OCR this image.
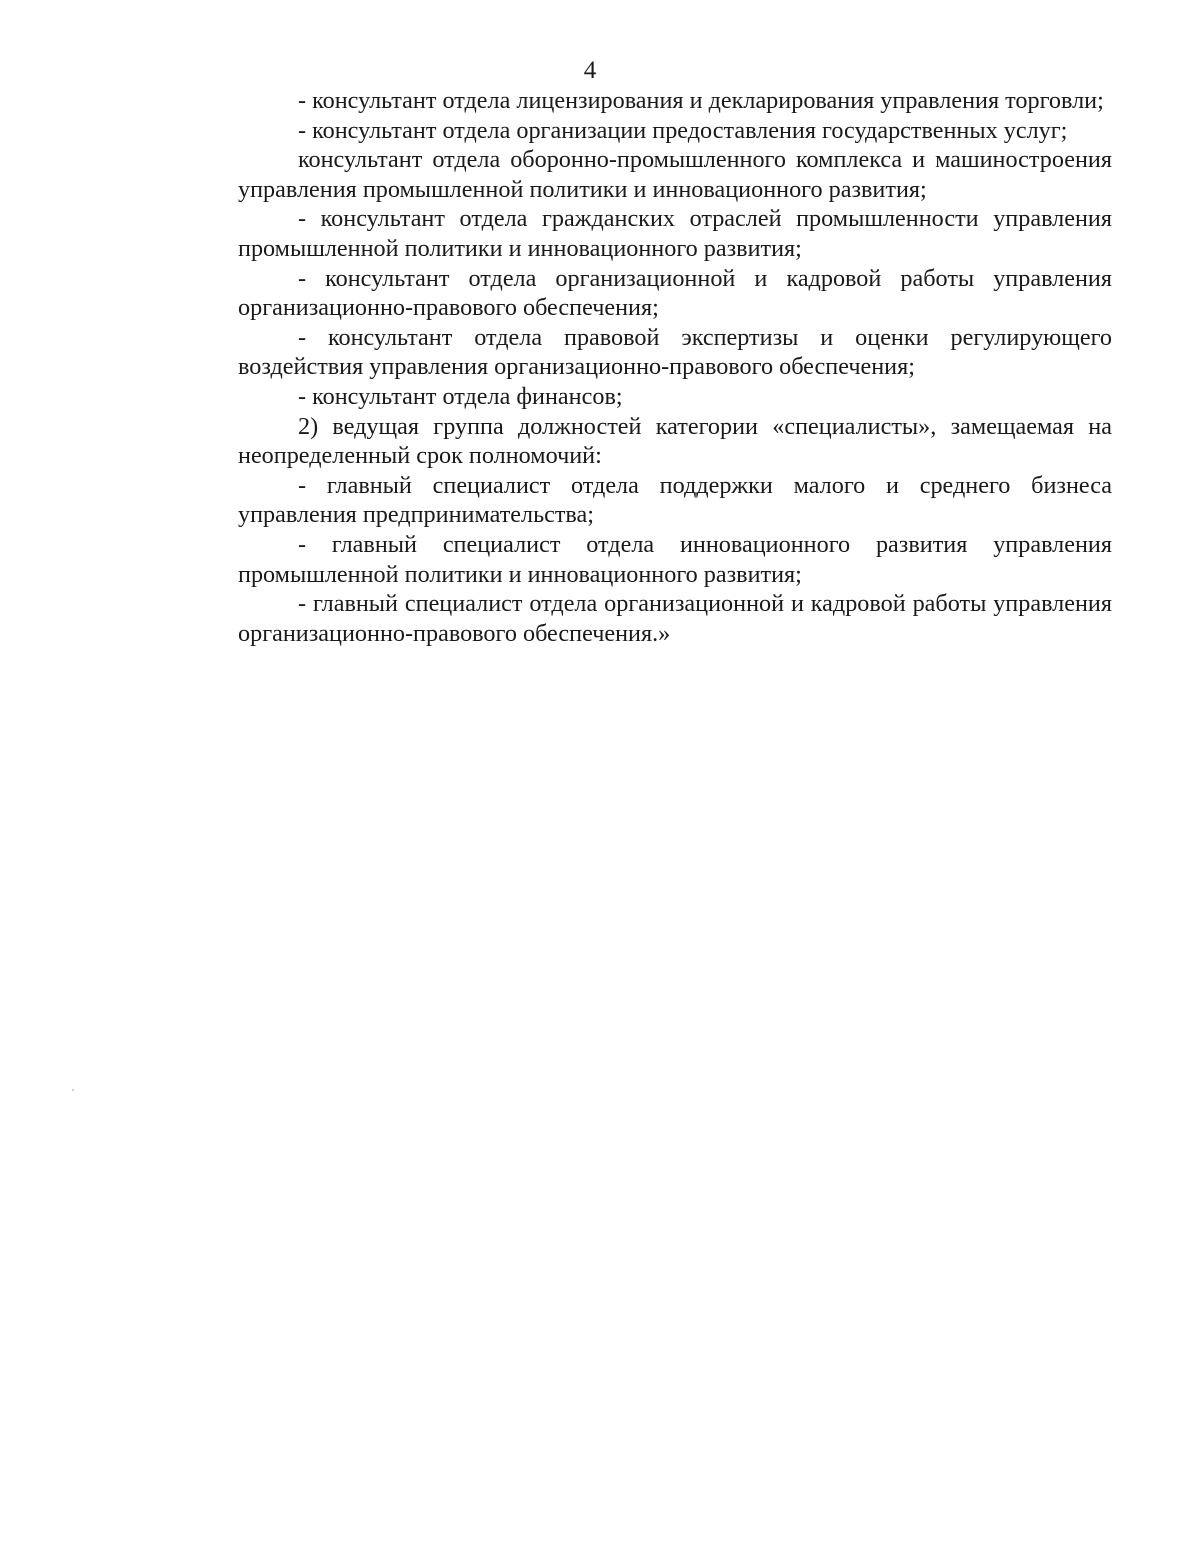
4

- консультант отдела лицензирования и декларирования управления торговли;

- консультант отдела организации предоставления государственных услуг;

консультант отдела оборонно-промышленного комплекса и машиностроения управления промышленной политики и инновационного развития;

- консультант отдела гражданских отраслей промышленности управления промышленной политики и инновационного развития;

- консультант отдела организационной и кадровой работы управления организационно-правового обеспечения;

- консультант отдела правовой экспертизы и оценки регулирующего воздействия управления организационно-правового обеспечения;

- консультант отдела финансов;

2) ведущая группа должностей категории «специалисты», замещаемая на неопределенный срок полномочий:

- главный специалист отдела поддержки малого и среднего бизнеса управления предпринимательства;

- главный специалист отдела инновационного развития управления промышленной политики и инновационного развития;

- главный специалист отдела организационной и кадровой работы управления организационно-правового обеспечения.»
